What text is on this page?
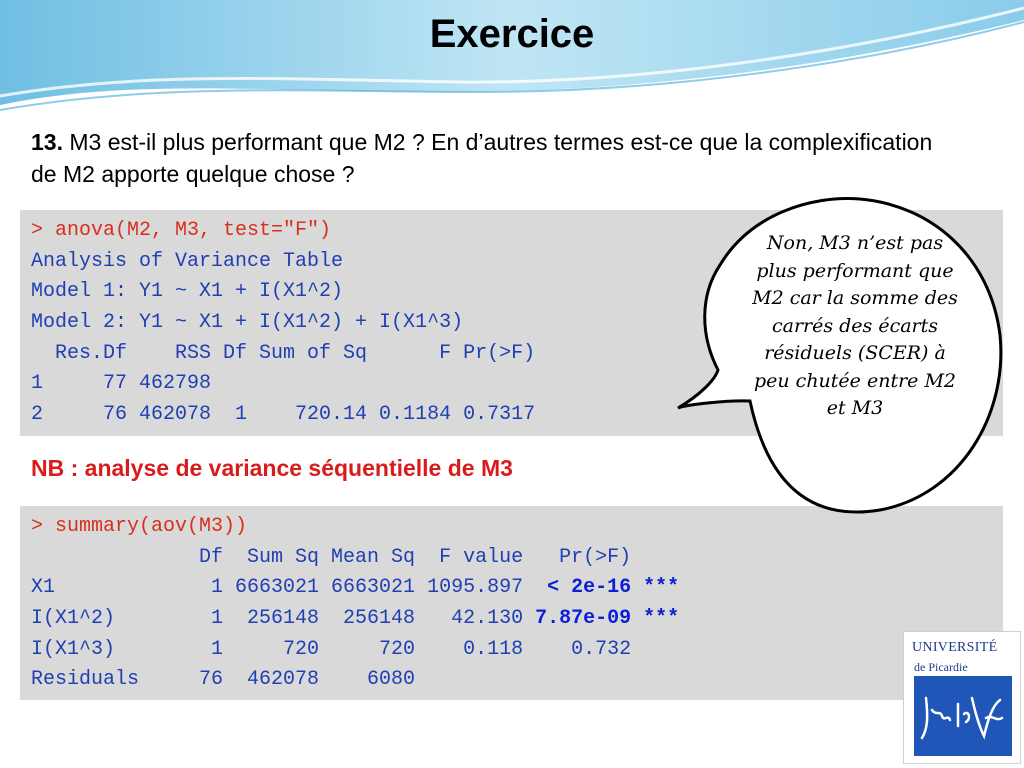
Exercice
13. M3 est-il plus performant que M2 ? En d’autres termes est-ce que la complexification de M2 apporte quelque chose ?
> anova(M2, M3, test="F")
Analysis of Variance Table
Model 1: Y1 ~ X1 + I(X1^2)
Model 2: Y1 ~ X1 + I(X1^2) + I(X1^3)
Res.Df    RSS Df Sum of Sq      F Pr(>F)
1     77 462798
2     76 462078  1    720.14 0.1184 0.7317
NB : analyse de variance séquentielle de M3
> summary(aov(M3))
Df  Sum Sq Mean Sq  F value   Pr(>F)
X1             1 6663021 6663021 1095.897  < 2e-16 ***
I(X1^2)        1  256148  256148   42.130 7.87e-09 ***
I(X1^3)        1     720     720    0.118    0.732
Residuals     76  462078    6080
Non, M3 n’est pas plus performant que M2 car la somme des carrés des écarts résiduels (SCER) à peu chutée entre M2 et M3
UNIVERSITÉ
de Picardie
